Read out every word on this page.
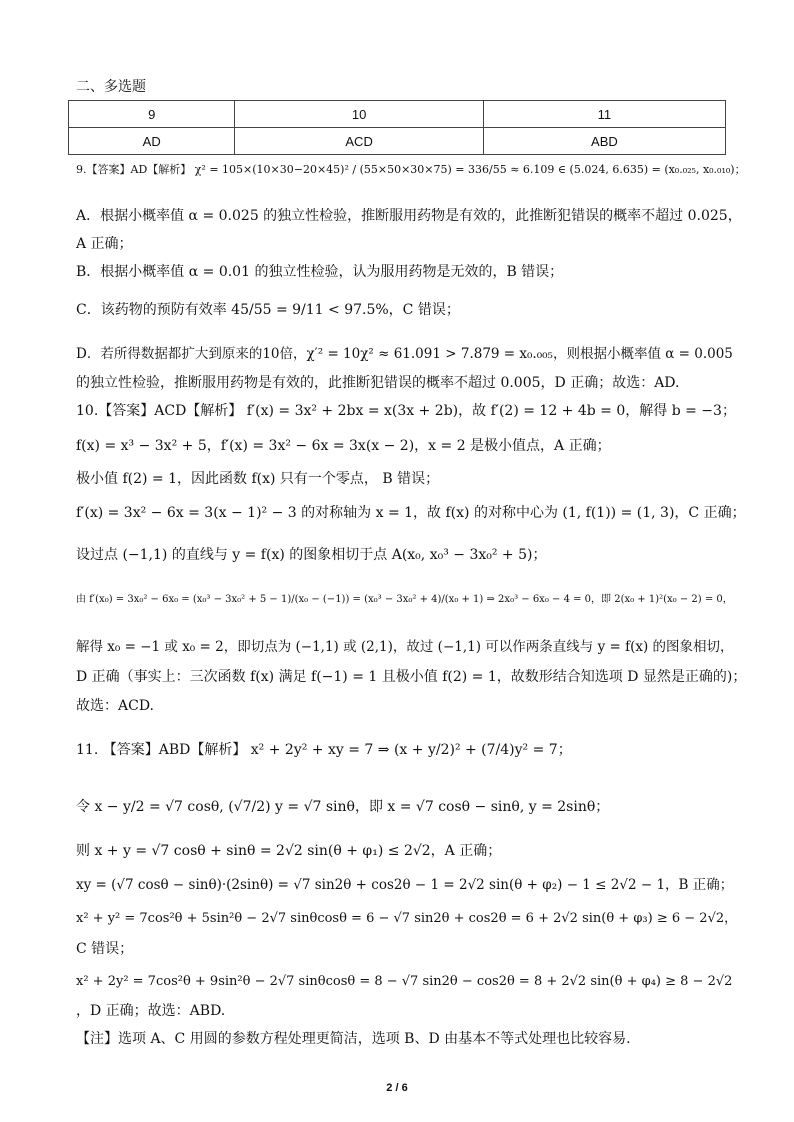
二、多选题
9	10	11
AD	ACD	ABD
9.【答案】AD【解析】 χ² = 105×(10×30−20×45)² / (55×50×30×75) = 336/55 ≈ 6.109 ∈ (5.024, 6.635) = (x₀.₀₂₅, x₀.₀₁₀)；
A．根据小概率值 α = 0.025 的独立性检验，推断服用药物是有效的，此推断犯错误的概率不超过 0.025，
A 正确；
B．根据小概率值 α = 0.01 的独立性检验，认为服用药物是无效的，B 错误；
C．该药物的预防有效率 45/55 = 9/11 < 97.5%，C 错误；
D．若所得数据都扩大到原来的10倍，χ′² = 10χ² ≈ 61.091 > 7.879 = x₀.₀₀₅，则根据小概率值 α = 0.005
的独立性检验，推断服用药物是有效的，此推断犯错误的概率不超过 0.005，D 正确；故选：AD.
10.【答案】ACD【解析】 f′(x) = 3x² + 2bx = x(3x + 2b)，故 f′(2) = 12 + 4b = 0，解得 b = −3；
f(x) = x³ − 3x² + 5，f′(x) = 3x² − 6x = 3x(x − 2)，x = 2 是极小值点，A 正确；
极小值 f(2) = 1，因此函数 f(x) 只有一个零点， B 错误；
f′(x) = 3x² − 6x = 3(x − 1)² − 3 的对称轴为 x = 1，故 f(x) 的对称中心为 (1, f(1)) = (1, 3)，C 正确；
设过点 (−1,1) 的直线与 y = f(x) 的图象相切于点 A(x₀, x₀³ − 3x₀² + 5)；
由 f′(x₀) = 3x₀² − 6x₀ = (x₀³ − 3x₀² + 5 − 1)/(x₀ − (−1)) = (x₀³ − 3x₀² + 4)/(x₀ + 1) ⇒ 2x₀³ − 6x₀ − 4 = 0，即 2(x₀ + 1)²(x₀ − 2) = 0，
解得 x₀ = −1 或 x₀ = 2，即切点为 (−1,1) 或 (2,1)，故过 (−1,1) 可以作两条直线与 y = f(x) 的图象相切，
D 正确（事实上：三次函数 f(x) 满足 f(−1) = 1 且极小值 f(2) = 1，故数形结合知选项 D 显然是正确的)；
故选：ACD.
11. 【答案】ABD【解析】 x² + 2y² + xy = 7 ⇒ (x + y/2)² + (7/4)y² = 7；
令 x − y/2 = √7 cosθ, (√7/2) y = √7 sinθ，即 x = √7 cosθ − sinθ, y = 2sinθ；
则 x + y = √7 cosθ + sinθ = 2√2 sin(θ + φ₁) ≤ 2√2，A 正确；
xy = (√7 cosθ − sinθ)·(2sinθ) = √7 sin2θ + cos2θ − 1 = 2√2 sin(θ + φ₂) − 1 ≤ 2√2 − 1，B 正确；
x² + y² = 7cos²θ + 5sin²θ − 2√7 sinθcosθ = 6 − √7 sin2θ + cos2θ = 6 + 2√2 sin(θ + φ₃) ≥ 6 − 2√2，
C 错误；
x² + 2y² = 7cos²θ + 9sin²θ − 2√7 sinθcosθ = 8 − √7 sin2θ − cos2θ = 8 + 2√2 sin(θ + φ₄) ≥ 8 − 2√2
，D 正确；故选：ABD.
【注】选项 A、C 用圆的参数方程处理更简洁，选项 B、D 由基本不等式处理也比较容易.
2 / 6
